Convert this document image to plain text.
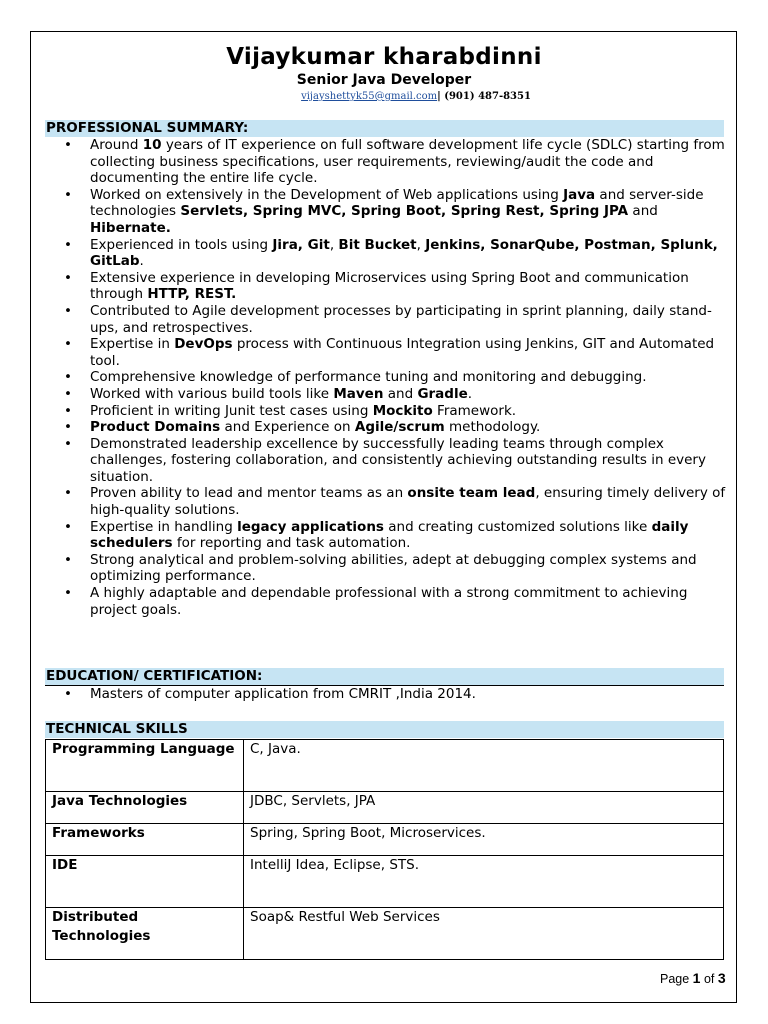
Vijaykumar kharabdinni
Senior Java Developer
vijayshettyk55@gmail.com| (901) 487-8351
PROFESSIONAL SUMMARY:
• Around 10 years of IT experience on full software development life cycle (SDLC) starting from collecting business specifications, user requirements, reviewing/audit the code and documenting the entire life cycle.
• Worked on extensively in the Development of Web applications using Java and server-side technologies Servlets, Spring MVC, Spring Boot, Spring Rest, Spring JPA and Hibernate.
• Experienced in tools using Jira, Git, Bit Bucket, Jenkins, SonarQube, Postman, Splunk, GitLab.
• Extensive experience in developing Microservices using Spring Boot and communication through HTTP, REST.
• Contributed to Agile development processes by participating in sprint planning, daily stand-ups, and retrospectives.
• Expertise in DevOps process with Continuous Integration using Jenkins, GIT and Automated tool.
• Comprehensive knowledge of performance tuning and monitoring and debugging.
• Worked with various build tools like Maven and Gradle.
• Proficient in writing Junit test cases using Mockito Framework.
• Product Domains and Experience on Agile/scrum methodology.
• Demonstrated leadership excellence by successfully leading teams through complex challenges, fostering collaboration, and consistently achieving outstanding results in every situation.
• Proven ability to lead and mentor teams as an onsite team lead, ensuring timely delivery of high-quality solutions.
• Expertise in handling legacy applications and creating customized solutions like daily schedulers for reporting and task automation.
• Strong analytical and problem-solving abilities, adept at debugging complex systems and optimizing performance.
• A highly adaptable and dependable professional with a strong commitment to achieving project goals.
EDUCATION/ CERTIFICATION:
• Masters of computer application from CMRIT ,India 2014.
TECHNICAL SKILLS
Programming Language	C, Java.
Java Technologies	JDBC, Servlets, JPA
Frameworks	Spring, Spring Boot, Microservices.
IDE	IntelliJ Idea, Eclipse, STS.
Distributed Technologies	Soap& Restful Web Services
Page 1 of 3
